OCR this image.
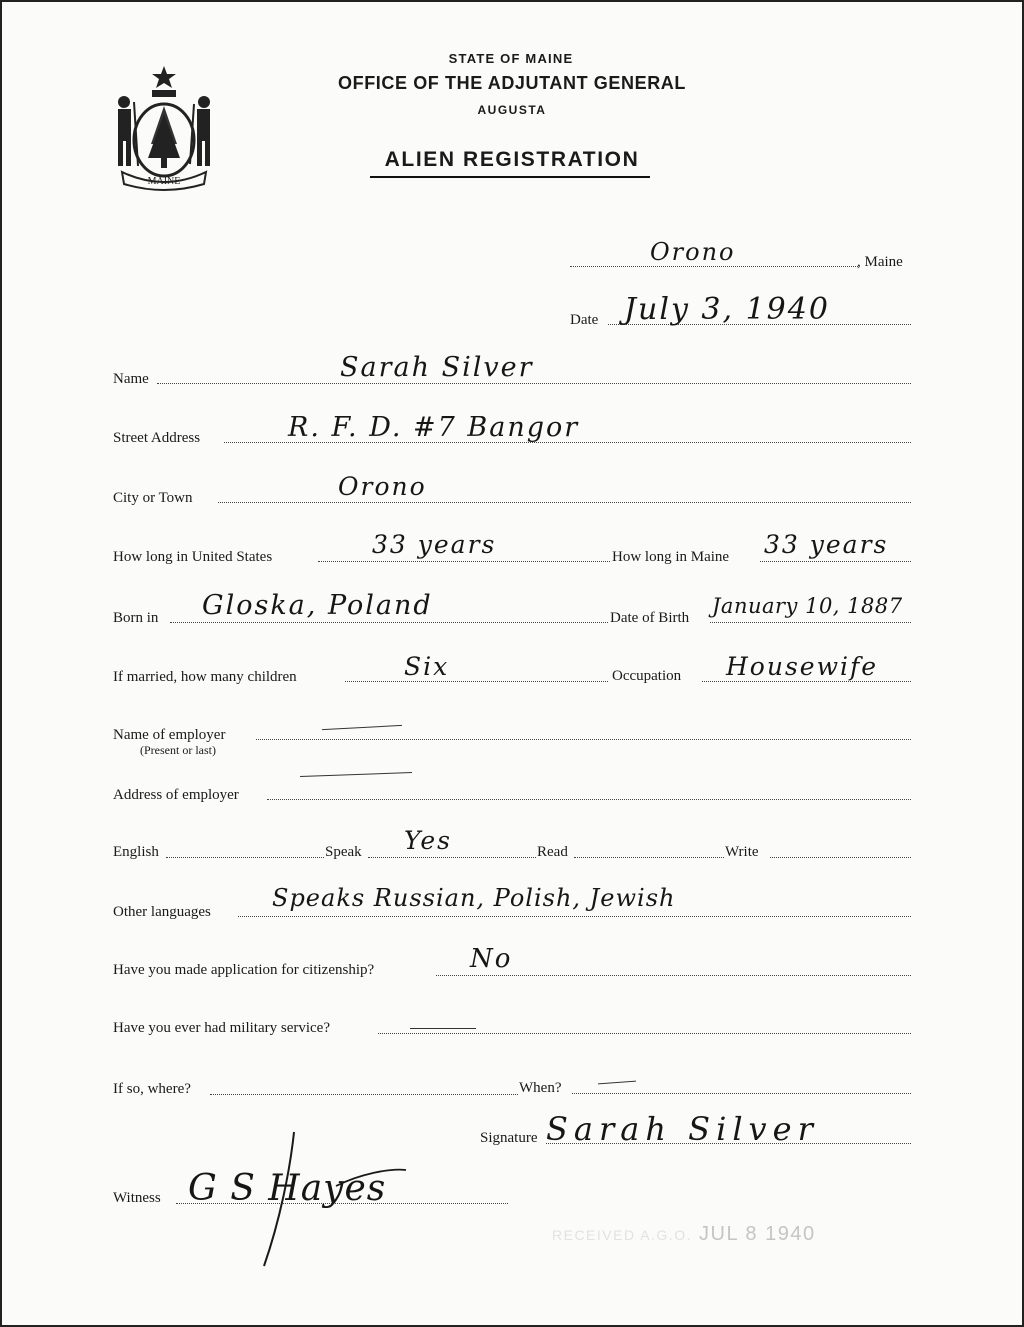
MAINE
STATE OF MAINE
OFFICE OF THE ADJUTANT GENERAL
AUGUSTA
ALIEN REGISTRATION
Orono	, Maine
Date July 3, 1940
Name	Sarah Silver
Street Address	R. F. D. #7 Bangor
City or Town	Orono
How long in United States	33 years	How long in Maine 33 years
Born in Gloska, Poland	Date of Birth January 10, 1887
If married, how many children	Six	Occupation Housewife
Name of employer
(Present or last)
Address of employer
English	Speak Yes	Read	Write
Other languages	Speaks Russian, Polish, Jewish
Have you made application for citizenship?	No
Have you ever had military service?
If so, where?	When?
Signature Sarah Silver
Witness G S Hayes
RECEIVED A.G.O. JUL 8 1940
